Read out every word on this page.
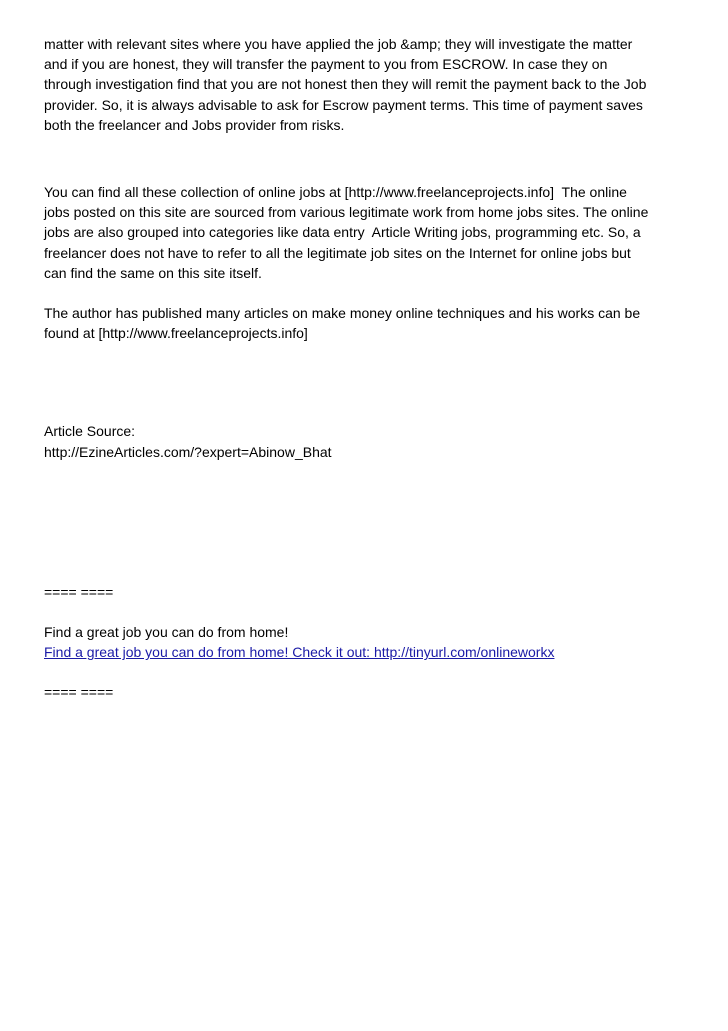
matter with relevant sites where you have applied the job &amp; they will investigate the matter
and if you are honest, they will transfer the payment to you from ESCROW. In case they on
through investigation find that you are not honest then they will remit the payment back to the Job
provider. So, it is always advisable to ask for Escrow payment terms. This time of payment saves
both the freelancer and Jobs provider from risks.
You can find all these collection of online jobs at [http://www.freelanceprojects.info]  The online
jobs posted on this site are sourced from various legitimate work from home jobs sites. The online
jobs are also grouped into categories like data entry  Article Writing jobs, programming etc. So, a
freelancer does not have to refer to all the legitimate job sites on the Internet for online jobs but
can find the same on this site itself.
The author has published many articles on make money online techniques and his works can be
found at [http://www.freelanceprojects.info]
Article Source:
http://EzineArticles.com/?expert=Abinow_Bhat
==== ====
Find a great job you can do from home!
Find a great job you can do from home! Check it out: http://tinyurl.com/onlineworkx
==== ====
